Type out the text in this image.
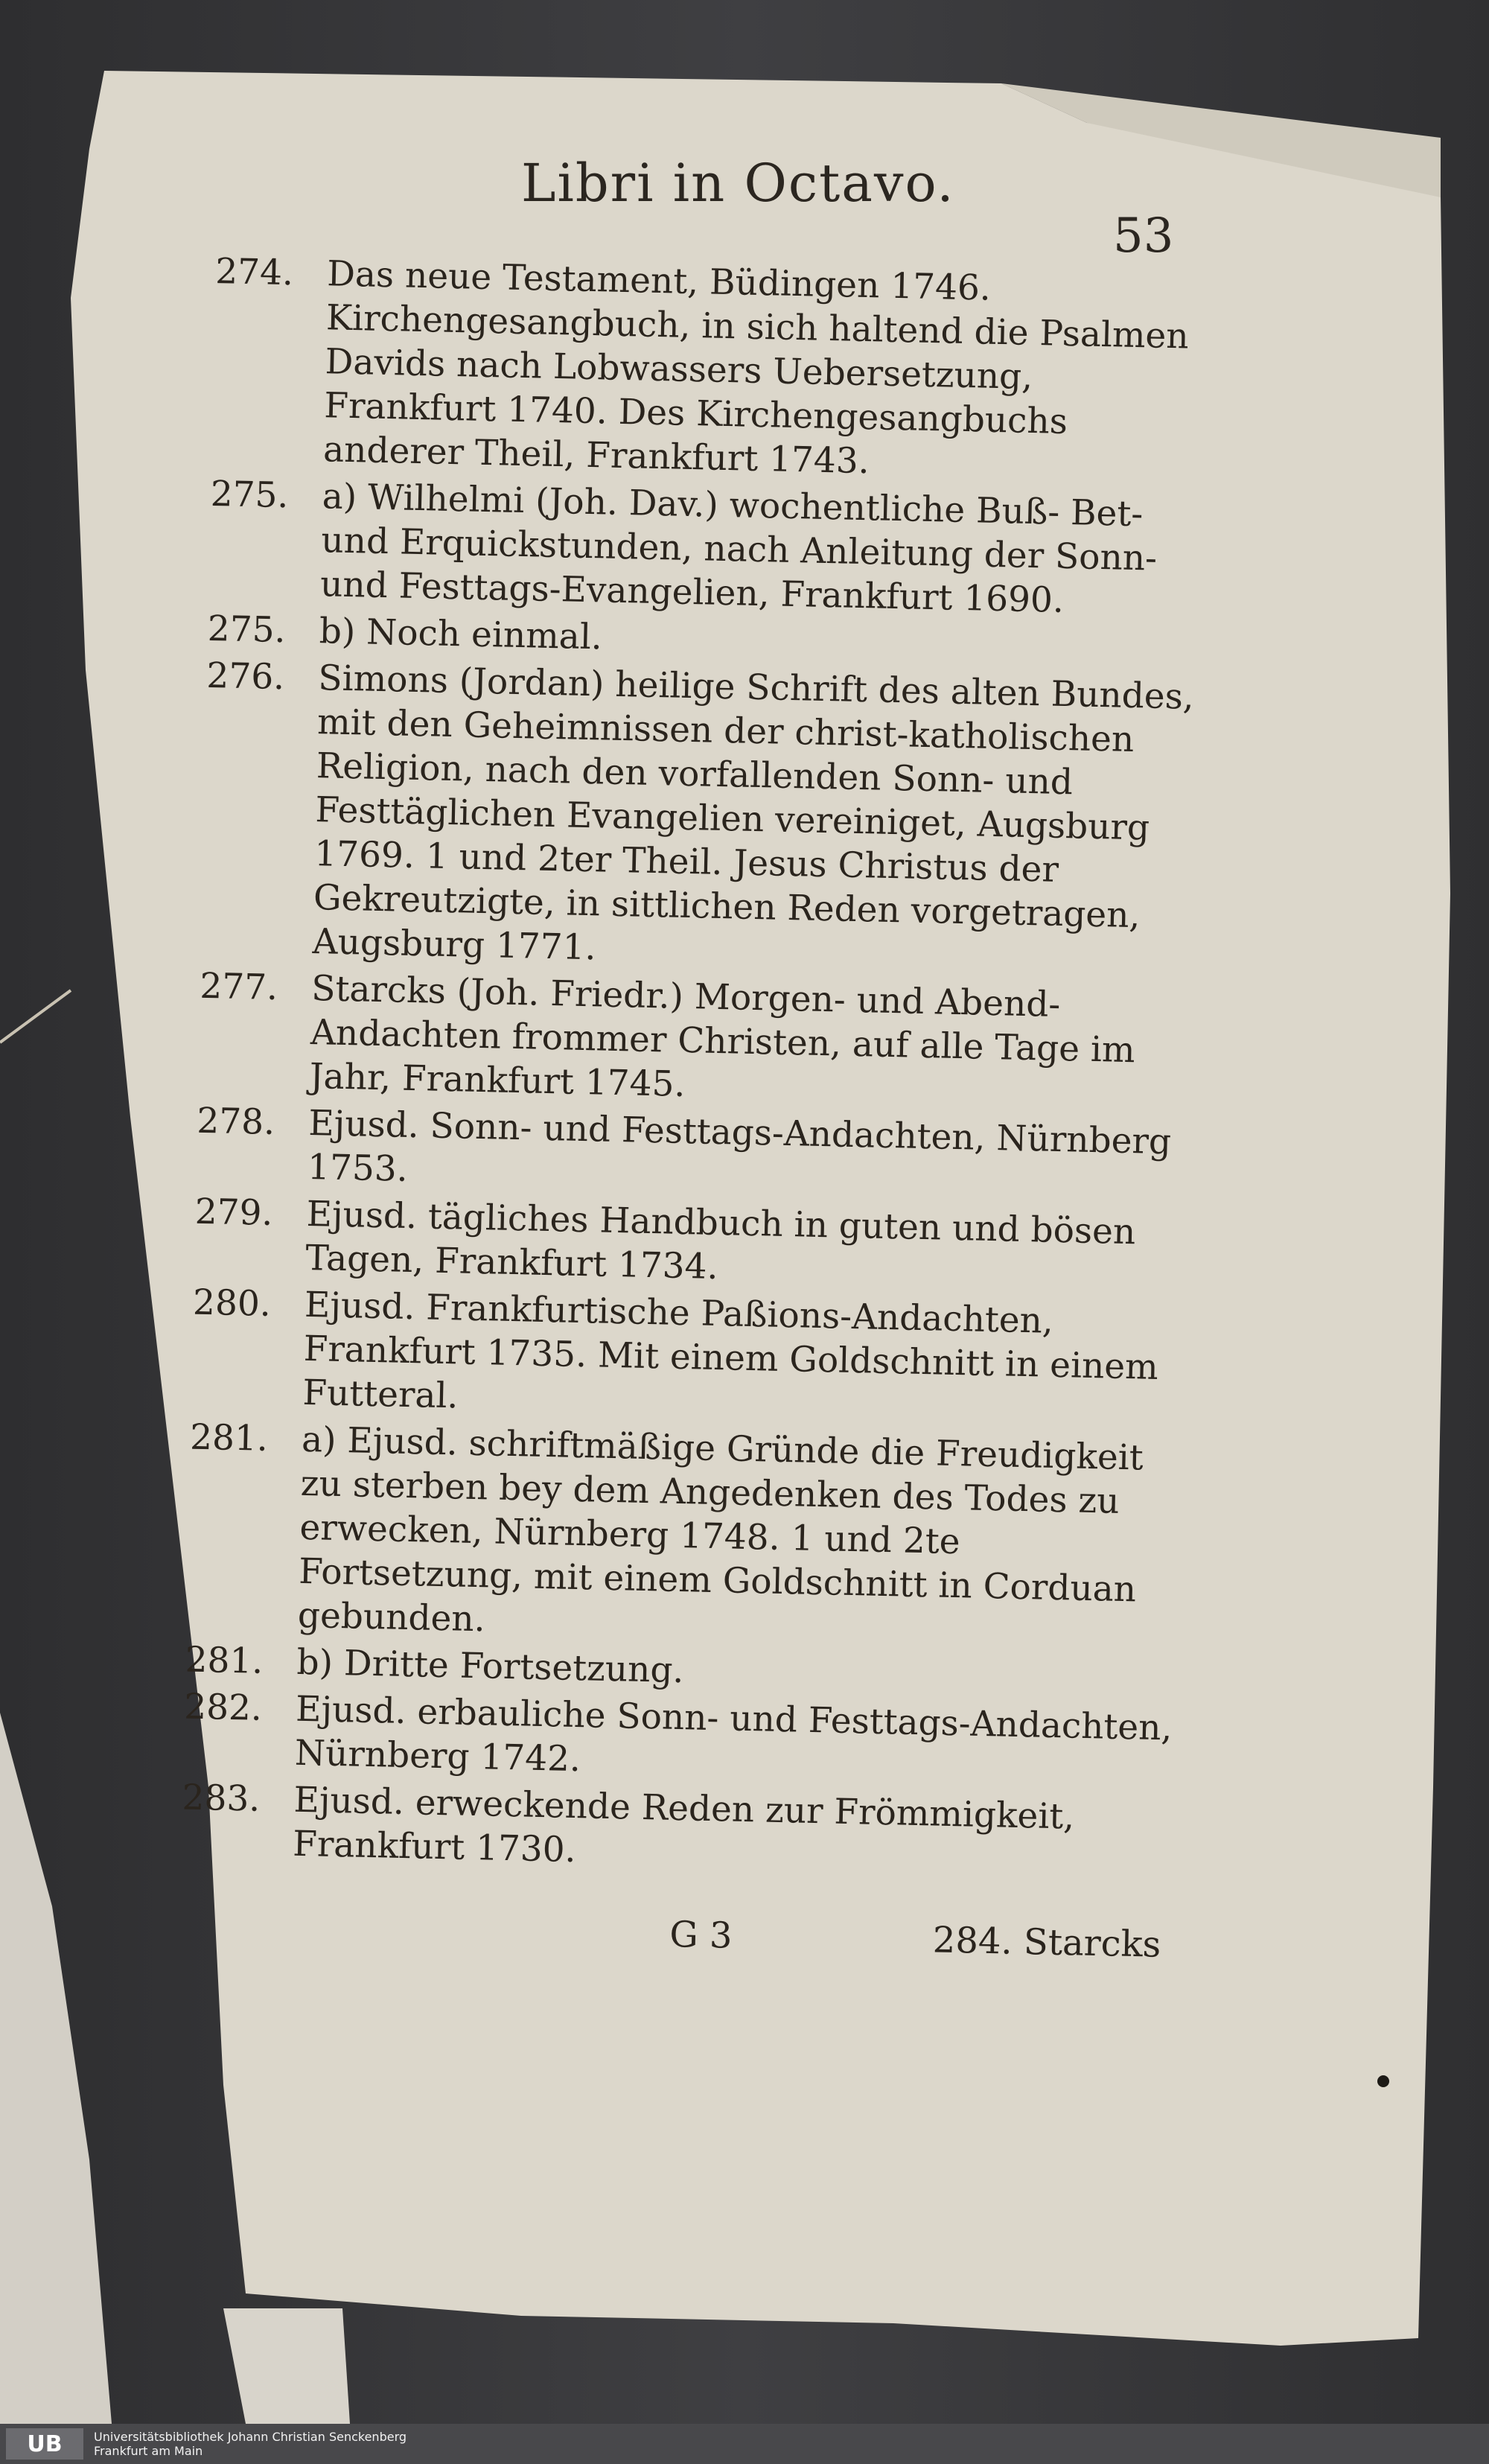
Libri in Octavo.
53
274. Das neue Testament, Büdingen 1746. Kirchengesangbuch, in sich haltend die Psalmen Davids nach Lobwassers Uebersetzung, Frankfurt 1740. Des Kirchengesangbuchs anderer Theil, Frankfurt 1743.
275. a) Wilhelmi (Joh. Dav.) wochentliche Buß- Bet- und Erquickstunden, nach Anleitung der Sonn- und Festtags-Evangelien, Frankfurt 1690.
275. b) Noch einmal.
276. Simons (Jordan) heilige Schrift des alten Bundes, mit den Geheimnissen der christ-katholischen Religion, nach den vorfallenden Sonn- und Festtäglichen Evangelien vereiniget, Augsburg 1769. 1 und 2ter Theil. Jesus Christus der Gekreutzigte, in sittlichen Reden vorgetragen, Augsburg 1771.
277. Starcks (Joh. Friedr.) Morgen- und Abend-Andachten frommer Christen, auf alle Tage im Jahr, Frankfurt 1745.
278. Ejusd. Sonn- und Festtags-Andachten, Nürnberg 1753.
279. Ejusd. tägliches Handbuch in guten und bösen Tagen, Frankfurt 1734.
280. Ejusd. Frankfurtische Paßions-Andachten, Frankfurt 1735. Mit einem Goldschnitt in einem Futteral.
281. a) Ejusd. schriftmäßige Gründe die Freudigkeit zu sterben bey dem Angedenken des Todes zu erwecken, Nürnberg 1748. 1 und 2te Fortsetzung, mit einem Goldschnitt in Corduan gebunden.
281. b) Dritte Fortsetzung.
282. Ejusd. erbauliche Sonn- und Festtags-Andachten, Nürnberg 1742.
283. Ejusd. erweckende Reden zur Frömmigkeit, Frankfurt 1730.
G 3	284. Starcks
UB	Universitätsbibliothek Johann Christian Senckenberg
Frankfurt am Main
